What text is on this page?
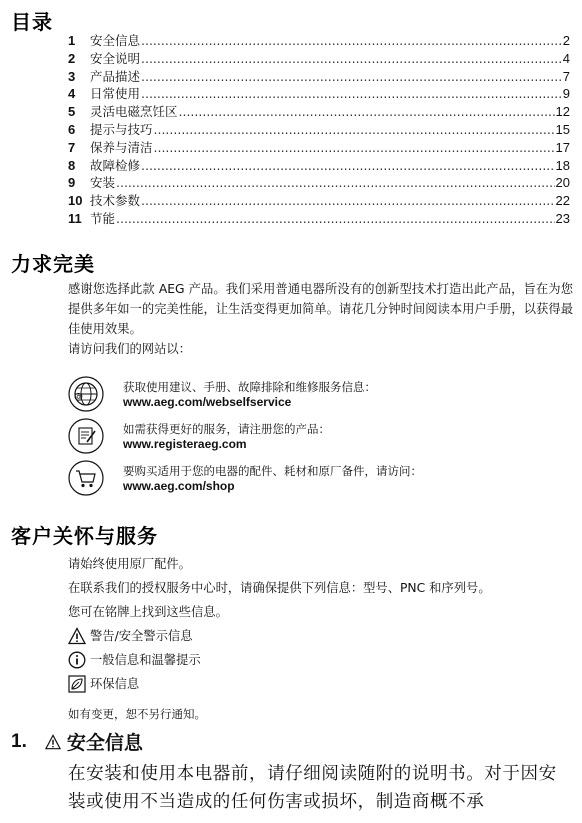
目录
1	安全信息 .....	2
2	安全说明 .....	4
3	产品描述 .....	7
4	日常使用 .....	9
5	灵活电磁烹饪区 .....	12
6	提示与技巧 .....	15
7	保养与清洁 .....	17
8	故障检修 .....	18
9	安装 .....	20
10 技术参数 .....	22
11 节能 .....	23
力求完美

感谢您选择此款 AEG 产品。我们采用普通电器所没有的创新型技术打造出此产品，旨在为您提供多年如一的完美性能，让生活变得更加简单。请花几分钟时间阅读本用户手册，以获得最佳使用效果。

请访问我们的网站以：

@
获取使用建议、手册、故障排除和维修服务信息：
www.aeg.com/webselfservice
如需获得更好的服务，请注册您的产品：
www.registeraeg.com
要购买适用于您的电器的配件、耗材和原厂备件，请访问：
www.aeg.com/shop
客户关怀与服务

请始终使用原厂配件。

在联系我们的授权服务中心时，请确保提供下列信息：型号、PNC 和序列号。

您可在铭牌上找到这些信息。

警告/安全警示信息
一般信息和温馨提示
环保信息

如有变更，恕不另行通知。

1. 安全信息
在安装和使用本电器前，请仔细阅读随附的说明书。对于因安装或使用不当造成的任何伤害或损坏，制造商概不承
